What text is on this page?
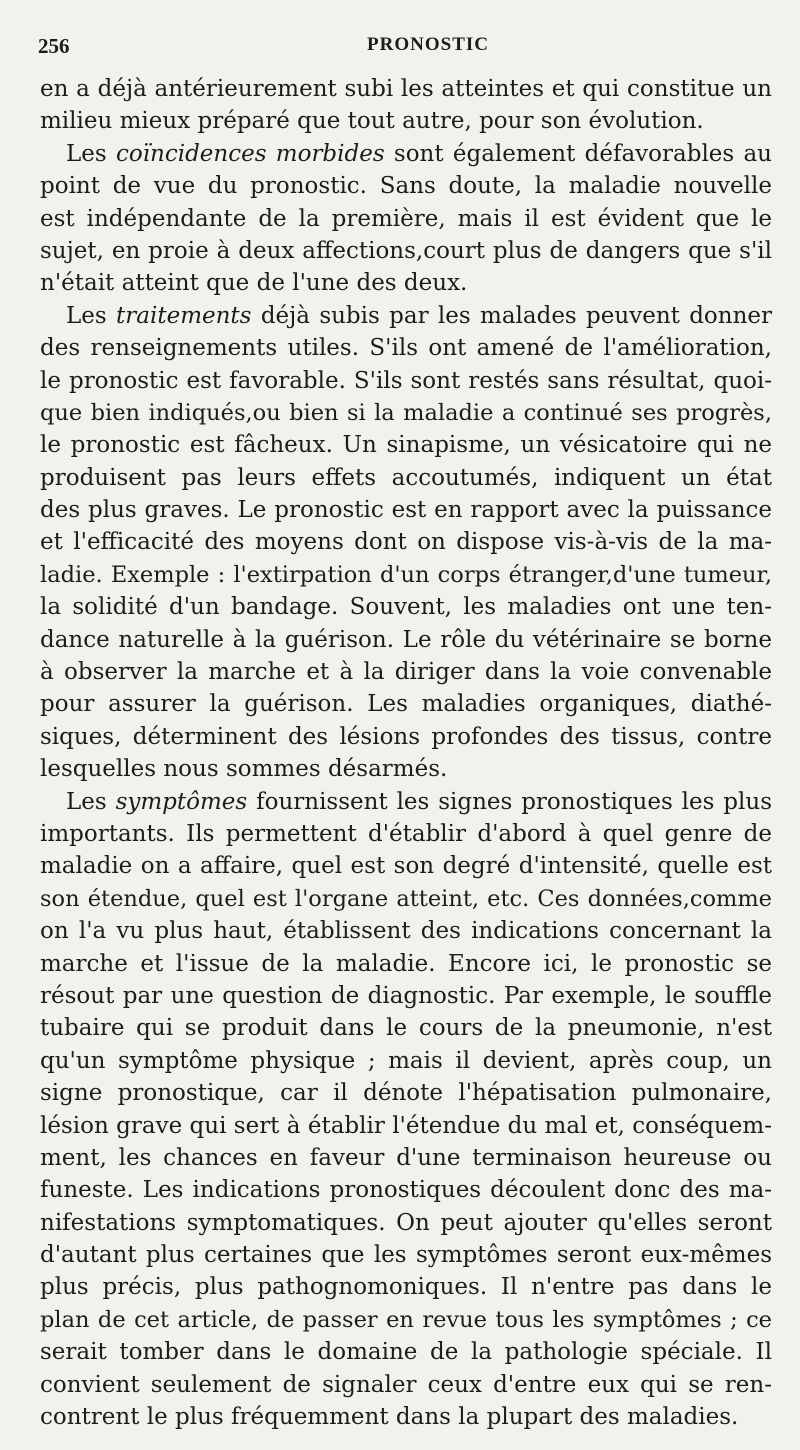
256	PRONOSTIC
en a déjà antérieurement subi les atteintes et qui constitue un
milieu mieux préparé que tout autre, pour son évolution.
Les coïncidences morbides sont également défavorables au
point de vue du pronostic. Sans doute, la maladie nouvelle
est indépendante de la première, mais il est évident que le
sujet, en proie à deux affections,court plus de dangers que s'il
n'était atteint que de l'une des deux.
Les traitements déjà subis par les malades peuvent donner
des renseignements utiles. S'ils ont amené de l'amélioration,
le pronostic est favorable. S'ils sont restés sans résultat, quoi-
que bien indiqués,ou bien si la maladie a continué ses progrès,
le pronostic est fâcheux. Un sinapisme, un vésicatoire qui ne
produisent pas leurs effets accoutumés, indiquent un état
des plus graves. Le pronostic est en rapport avec la puissance
et l'efficacité des moyens dont on dispose vis-à-vis de la ma-
ladie. Exemple : l'extirpation d'un corps étranger,d'une tumeur,
la solidité d'un bandage. Souvent, les maladies ont une ten-
dance naturelle à la guérison. Le rôle du vétérinaire se borne
à observer la marche et à la diriger dans la voie convenable
pour assurer la guérison. Les maladies organiques, diathé-
siques, déterminent des lésions profondes des tissus, contre
lesquelles nous sommes désarmés.
Les symptômes fournissent les signes pronostiques les plus
importants. Ils permettent d'établir d'abord à quel genre de
maladie on a affaire, quel est son degré d'intensité, quelle est
son étendue, quel est l'organe atteint, etc. Ces données,comme
on l'a vu plus haut, établissent des indications concernant la
marche et l'issue de la maladie. Encore ici, le pronostic se
résout par une question de diagnostic. Par exemple, le souffle
tubaire qui se produit dans le cours de la pneumonie, n'est
qu'un symptôme physique ; mais il devient, après coup, un
signe pronostique, car il dénote l'hépatisation pulmonaire,
lésion grave qui sert à établir l'étendue du mal et, conséquem-
ment, les chances en faveur d'une terminaison heureuse ou
funeste. Les indications pronostiques découlent donc des ma-
nifestations symptomatiques. On peut ajouter qu'elles seront
d'autant plus certaines que les symptômes seront eux-mêmes
plus précis, plus pathognomoniques. Il n'entre pas dans le
plan de cet article, de passer en revue tous les symptômes ; ce
serait tomber dans le domaine de la pathologie spéciale. Il
convient seulement de signaler ceux d'entre eux qui se ren-
contrent le plus fréquemment dans la plupart des maladies.
